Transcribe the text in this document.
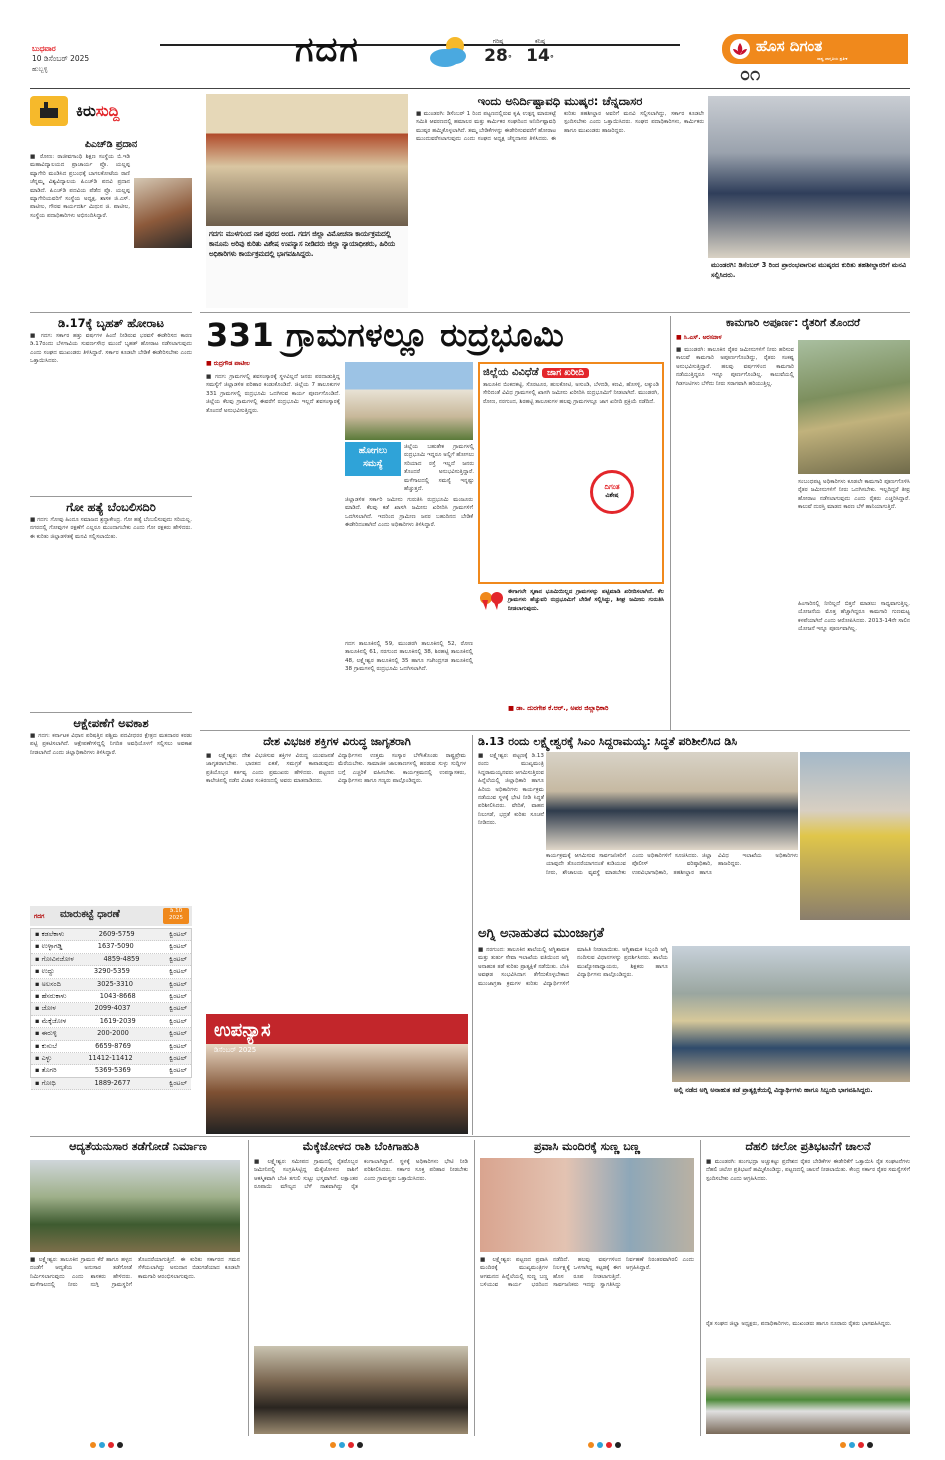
ಬುಧವಾರ
10 ಡಿಸೆಂಬರ್ 2025
ಹುಬ್ಬಳ್ಳಿ	ಗದಗ	ಗರಿಷ್ಠ
28°
ಕನಿಷ್ಠ
14°
ಹೊಸ ದಿಗಂತ
ರಾಷ್ಟ್ರ ಜಾಗೃತಿಯ ಪ್ರತೀಕ
೦೧
ಕಿರುಸುದ್ದಿ
ಪಿಎಚ್‌ಡಿ ಪ್ರದಾನ
■ ರೋಣ: ರಾಜೀವಗಾಂಧಿ ಶಿಕ್ಷಣ ಸಂಸ್ಥೆಯ ಬಿ.ಇಡಿ ಮಹಾವಿದ್ಯಾಲಯದ ಪ್ರಾಚಾರ್ಯ ಪ್ರೊ. ಯಲ್ಲಪ್ಪ ಮ್ಯಾಗೇರಿ ಮಂಡಿಸಿದ ಪ್ರಬಂಧಕ್ಕೆ ಬಾಗಲಕೋಟೆಯ ರಾಣಿ ಚೆನ್ನಮ್ಮ ವಿಶ್ವವಿದ್ಯಾಲಯ ಪಿಎಚ್‌ಡಿ ಪದವಿ ಪ್ರದಾನ ಮಾಡಿದೆ. ಪಿಎಚ್‌ಡಿ ಪದವಿಯ ಪೆಡೆದ ಪ್ರೊ. ಯಲ್ಲಪ್ಪ ಮ್ಯಾಗೇರಿಯವರಿಗೆ ಸಂಸ್ಥೆಯ ಅಧ್ಯಕ್ಷ, ಶಾಸಕ ಜಿ.ಎಸ್. ಪಾಟೀಲ, ಗೌರವ ಕಾರ್ಯದರ್ಶಿ ಮಿಥುನ ಜಿ. ಪಾಟೀಲ, ಸಂಸ್ಥೆಯ ಪದಾಧಿಕಾರಿಗಳು ಅಭಿನಂದಿಸಿದ್ದಾರೆ.
ಡಿ.17ಕ್ಕೆ ಬೃಹತ್ ಹೋರಾಟ
■ ಗದಗ: ಸರ್ಕಾರ ಹತ್ತು ವರ್ಷಗಳ ಹಿಂದೆ ನೀಡಿರುವ ಭರವಸೆ ಈಡೇರಿಸದ ಕಾರಣ ಡಿ.17ರಂದು ಬೆಳಗಾವಿಯ ಸುವರ್ಣಸೌಧ ಮುಂದೆ ಬೃಹತ್ ಹೋರಾಟ ನಡೆಸಲಾಗುವುದು ಎಂದು ಸಂಘದ ಮುಖಂಡರು ತಿಳಿಸಿದ್ದಾರೆ. ಸರ್ಕಾರ ಕೂಡಲೇ ಬೇಡಿಕೆ ಈಡೇರಿಸಬೇಕು ಎಂದು ಒತ್ತಾಯಿಸಿದರು.
ಗೋ ಹತ್ಯೆ ಬೆಂಬಲಿಸದಿರಿ
■ ಗದಗ: ಗೋವು ಹಿಂದೂ ಸಮಾಜದ ಶ್ರದ್ಧಾಕೇಂದ್ರ. ಗೋ ಹತ್ಯೆ ಬೆಂಬಲಿಸುವುದು ಸರಿಯಲ್ಲ. ನಗರದಲ್ಲಿ ಗೋವುಗಳ ರಕ್ಷಣೆಗೆ ಎಲ್ಲರೂ ಮುಂದಾಗಬೇಕು ಎಂದು ಗೋ ರಕ್ಷಕರು ಹೇಳಿದರು. ಈ ಕುರಿತು ಜಿಲ್ಲಾಡಳಿತಕ್ಕೆ ಮನವಿ ಸಲ್ಲಿಸಲಾಯಿತು.
ಆಕ್ಷೇಪಣೆಗೆ ಅವಕಾಶ
■ ಗದಗ: ಕರ್ನಾಟಕ ವಿಧಾನ ಪರಿಷತ್ತಿನ ಪಶ್ಚಿಮ ಪದವೀಧರರ ಕ್ಷೇತ್ರದ ಮತದಾರರ ಕರಡು ಪಟ್ಟಿ ಪ್ರಕಟಿಸಲಾಗಿದೆ. ಆಕ್ಷೇಪಣೆಗಳಿದ್ದಲ್ಲಿ ನಿಗದಿತ ಅವಧಿಯೊಳಗೆ ಸಲ್ಲಿಸಲು ಅವಕಾಶ ನೀಡಲಾಗಿದೆ ಎಂದು ಜಿಲ್ಲಾಧಿಕಾರಿಗಳು ತಿಳಿಸಿದ್ದಾರೆ.
ಗದಗ ಮಾರುಕಟ್ಟೆ ಧಾರಣೆ	ಡಿ.10 2025
▪ ಕಡಲೆಕಾಳು	2609-5759	ಕ್ವಿಂಟಲ್
▪ ಉಳ್ಳಾಗಡ್ಡಿ	1637-5090	ಕ್ವಿಂಟಲ್
▪ ಗೋವಿನಜೋಳ	4859-4859	ಕ್ವಿಂಟಲ್
▪ ಉದ್ದು	3290-5359	ಕ್ವಿಂಟಲ್
▪ ಅಲಸಂದಿ	3025-3310	ಕ್ವಿಂಟಲ್
▪ ಹೆಸರುಕಾಳು	1043-8668	ಕ್ವಿಂಟಲ್
▪ ಜೋಳ	2099-4037	ಕ್ವಿಂಟಲ್
▪ ಮೆಕ್ಕೆಜೋಳ	1619-2039	ಕ್ವಿಂಟಲ್
▪ ಈರುಳ್ಳಿ	200-2000	ಕ್ವಿಂಟಲ್
▪ ಕುಸುಬೆ	6659-8769	ಕ್ವಿಂಟಲ್
▪ ಎಳ್ಳು	11412-11412	ಕ್ವಿಂಟಲ್
▪ ತೊಗರಿ	5369-5369	ಕ್ವಿಂಟಲ್
▪ ಗೋಧಿ	1889-2677	ಕ್ವಿಂಟಲ್
ಗದಗ: ಮುಳಗುಂದ ನಾಕ ಪುರದ ಅಂದ. ಗದಗ ಜಿಲ್ಲಾ ವಿಮೋಚನಾ ಕಾರ್ಯಕ್ರಮದಲ್ಲಿ ಕಾನೂನು ಅರಿವು ಕುರಿತು ವಿಶೇಷ ಉಪನ್ಯಾಸ ನೀಡಿದರು ಜಿಲ್ಲಾ ನ್ಯಾಯಾಧೀಶರು, ಹಿರಿಯ ಅಧಿಕಾರಿಗಳು ಕಾರ್ಯಕ್ರಮದಲ್ಲಿ ಭಾಗವಹಿಸಿದ್ದರು.
ಇಂದು ಅನಿರ್ದಿಷ್ಟಾವಧಿ ಮುಷ್ಕರ: ಚೆನ್ನದಾಸರ
■ ಮುಂಡರಗಿ: ಡಿಸೆಂಬರ್ 1 ರಿಂದ ಪಟ್ಟಣದಲ್ಲಿರುವ ಕೃಷಿ ಉತ್ಪನ್ನ ಮಾರುಕಟ್ಟೆ ಸಮಿತಿ ಆವರಣದಲ್ಲಿ ಹಮಾಲರ ಮತ್ತು ಕಾರ್ಮಿಕರ ಸಂಘದಿಂದ ಅನಿರ್ದಿಷ್ಟಾವಧಿ ಮುಷ್ಕರ ಹಮ್ಮಿಕೊಳ್ಳಲಾಗಿದೆ. ತಮ್ಮ ಬೇಡಿಕೆಗಳನ್ನು ಈಡೇರಿಸುವವರೆಗೆ ಹೋರಾಟ ಮುಂದುವರೆಸಲಾಗುವುದು ಎಂದು ಸಂಘದ ಅಧ್ಯಕ್ಷ ಚೆನ್ನದಾಸರ ತಿಳಿಸಿದರು. ಈ ಕುರಿತು ತಹಶೀಲ್ದಾರ ಅವರಿಗೆ ಮನವಿ ಸಲ್ಲಿಸಲಾಗಿದ್ದು, ಸರ್ಕಾರ ಕೂಡಲೇ ಸ್ಪಂದಿಸಬೇಕು ಎಂದು ಒತ್ತಾಯಿಸಿದರು. ಸಂಘದ ಪದಾಧಿಕಾರಿಗಳು, ಕಾರ್ಮಿಕರು ಹಾಗೂ ಮುಖಂಡರು ಹಾಜರಿದ್ದರು.
ಮುಂಡರಗಿ: ಡಿಸೆಂಬರ್ 3 ರಿಂದ ಪ್ರಾರಂಭವಾಗುವ ಮುಷ್ಕರದ ಕುರಿತು ತಹಶೀಲ್ದಾರರಿಗೆ ಮನವಿ ಸಲ್ಲಿಸಿದರು.
331 ಗ್ರಾಮಗಳಲ್ಲೂ ರುದ್ರಭೂಮಿ
■ ರುದ್ರಗೌಡ ಪಾಟೀಲ
■ ಗದಗ: ಗ್ರಾಮಗಳಲ್ಲಿ ಶವಸಂಸ್ಕಾರಕ್ಕೆ ಸ್ಥಳವಿಲ್ಲದೆ ಜನರು ಪರದಾಡುತ್ತಿದ್ದ ಸಮಸ್ಯೆಗೆ ಜಿಲ್ಲಾಡಳಿತ ಪರಿಹಾರ ಕಂಡುಕೊಂಡಿದೆ. ಜಿಲ್ಲೆಯ 7 ತಾಲೂಕುಗಳ 331 ಗ್ರಾಮಗಳಲ್ಲಿ ರುದ್ರಭೂಮಿ ಒದಗಿಸುವ ಕಾರ್ಯ ಪೂರ್ಣಗೊಂಡಿದೆ. ಜಿಲ್ಲೆಯ ಕೆಲವು ಗ್ರಾಮಗಳಲ್ಲಿ ಈವರೆಗೆ ರುದ್ರಭೂಮಿ ಇಲ್ಲದೆ ಶವಸಂಸ್ಕಾರಕ್ಕೆ ತೊಂದರೆ ಅನುಭವಿಸುತ್ತಿದ್ದರು.
ಹೋಗಲು
ಸಮಸ್ಯೆ
ಜಿಲ್ಲೆಯ ಬಹುತೇಕ ಗ್ರಾಮಗಳಲ್ಲಿ ರುದ್ರಭೂಮಿ ಇದ್ದರೂ ಅಲ್ಲಿಗೆ ಹೋಗಲು ಸರಿಯಾದ ರಸ್ತೆ ಇಲ್ಲದೆ ಜನರು ತೊಂದರೆ ಅನುಭವಿಸುತ್ತಿದ್ದಾರೆ. ಮಳೆಗಾಲದಲ್ಲಿ ಸಮಸ್ಯೆ ಇನ್ನಷ್ಟು ಹೆಚ್ಚುತ್ತದೆ.
ಜಿಲ್ಲಾಡಳಿತ ಸರ್ಕಾರಿ ಜಮೀನು ಗುರುತಿಸಿ ರುದ್ರಭೂಮಿ ಮಂಜೂರು ಮಾಡಿದೆ. ಕೆಲವು ಕಡೆ ಖಾಸಗಿ ಜಮೀನು ಖರೀದಿಸಿ ಗ್ರಾಮಗಳಿಗೆ ಒದಗಿಸಲಾಗಿದೆ. ಇದರಿಂದ ಗ್ರಾಮೀಣ ಜನರ ಬಹುದಿನದ ಬೇಡಿಕೆ ಈಡೇರಿದಂತಾಗಿದೆ ಎಂದು ಅಧಿಕಾರಿಗಳು ತಿಳಿಸಿದ್ದಾರೆ.
ಜಿಲ್ಲೆಯ ವಿವಿಧೆಡೆ ಜಾಗ ಖರೀದಿ
ತಾಲೂಕಿನ ಬಿಂಕದಕಟ್ಟಿ, ಸೊರಟೂರ, ಹುಲಕೋಟಿ, ಅಸುಂಡಿ, ಬೆಳದಡಿ, ಕಣವಿ, ಹೊಸಳ್ಳಿ, ಲಕ್ಕುಂಡಿ ಸೇರಿದಂತೆ ವಿವಿಧ ಗ್ರಾಮಗಳಲ್ಲಿ ಖಾಸಗಿ ಜಮೀನು ಖರೀದಿಸಿ ರುದ್ರಭೂಮಿಗೆ ನೀಡಲಾಗಿದೆ. ಮುಂಡರಗಿ, ರೋಣ, ನರಗುಂದ, ಶಿರಹಟ್ಟಿ ತಾಲೂಕುಗಳ ಹಲವು ಗ್ರಾಮಗಳಲ್ಲೂ ಜಾಗ ಖರೀದಿ ಪ್ರಕ್ರಿಯೆ ನಡೆದಿದೆ.
ದಿಗಂತ
ವಿಶೇಷ
ಈಗಾಗಲೇ ಸ್ಮಶಾನ ಭೂಮಿಯಿಲ್ಲದ ಗ್ರಾಮಗಳನ್ನು ಪಟ್ಟಿಮಾಡಿ ಖರೀದಿಸಲಾಗಿದೆ. ಕೆಲ ಗ್ರಾಮಗಳು ಹೆಚ್ಚುವರಿ ರುದ್ರಭೂಮಿಗೆ ಬೇಡಿಕೆ ಸಲ್ಲಿಸಿದ್ದು, ಶೀಘ್ರ ಜಮೀನು ಗುರುತಿಸಿ ನೀಡಲಾಗುವುದು.
■ ಡಾ. ದುರಗೇಶ ಕೆ.ಆರ್., ಅಪರ ಜಿಲ್ಲಾಧಿಕಾರಿ
ಗದಗ ತಾಲೂಕಿನಲ್ಲಿ 59, ಮುಂಡರಗಿ ತಾಲೂಕಿನಲ್ಲಿ 52, ರೋಣ ತಾಲೂಕಿನಲ್ಲಿ 61, ನರಗುಂದ ತಾಲೂಕಿನಲ್ಲಿ 38, ಶಿರಹಟ್ಟಿ ತಾಲೂಕಿನಲ್ಲಿ 48, ಲಕ್ಷ್ಮೇಶ್ವರ ತಾಲೂಕಿನಲ್ಲಿ 35 ಹಾಗೂ ಗಜೇಂದ್ರಗಡ ತಾಲೂಕಿನಲ್ಲಿ 38 ಗ್ರಾಮಗಳಲ್ಲಿ ರುದ್ರಭೂಮಿ ಒದಗಿಸಲಾಗಿದೆ.
ಕಾಮಗಾರಿ ಅಪೂರ್ಣ: ರೈತರಿಗೆ ತೊಂದರೆ
■ ಸಿ.ಎಸ್. ಅರಸನಾಳ
■ ಮುಂಡರಗಿ: ತಾಲೂಕಿನ ರೈತರ ಜಮೀನುಗಳಿಗೆ ನೀರು ಹರಿಸುವ ಕಾಲುವೆ ಕಾಮಗಾರಿ ಅಪೂರ್ಣಗೊಂಡಿದ್ದು, ರೈತರು ಸಂಕಷ್ಟ ಅನುಭವಿಸುತ್ತಿದ್ದಾರೆ. ಹಲವು ವರ್ಷಗಳಿಂದ ಕಾಮಗಾರಿ ನಡೆಯುತ್ತಿದ್ದರೂ ಇನ್ನೂ ಪೂರ್ಣಗೊಂಡಿಲ್ಲ. ಕಾಲುವೆಯಲ್ಲಿ ಗಿಡಗಂಟಿಗಳು ಬೆಳೆದು ನೀರು ಸರಾಗವಾಗಿ ಹರಿಯುತ್ತಿಲ್ಲ.
ಸಂಬಂಧಪಟ್ಟ ಅಧಿಕಾರಿಗಳು ಕೂಡಲೇ ಕಾಮಗಾರಿ ಪೂರ್ಣಗೊಳಿಸಿ ರೈತರ ಜಮೀನುಗಳಿಗೆ ನೀರು ಒದಗಿಸಬೇಕು. ಇಲ್ಲದಿದ್ದರೆ ತೀವ್ರ ಹೋರಾಟ ನಡೆಸಲಾಗುವುದು ಎಂದು ರೈತರು ಎಚ್ಚರಿಸಿದ್ದಾರೆ. ಕಾಲುವೆ ದುರಸ್ತಿ ಮಾಡದ ಕಾರಣ ಬೆಳೆ ಹಾನಿಯಾಗುತ್ತಿದೆ.
ಹಿಂಗಾರಿನಲ್ಲಿ ನೀರಿಲ್ಲದೆ ಬಿತ್ತನೆ ಮಾಡಲು ಸಾಧ್ಯವಾಗುತ್ತಿಲ್ಲ. ಯೋಜನೆಯ ಮೊತ್ತ ಹೆಚ್ಚಾಗಿದ್ದರೂ ಕಾಮಗಾರಿ ಗುಣಮಟ್ಟ ಕಳಪೆಯಾಗಿದೆ ಎಂದು ಆರೋಪಿಸಿದರು. 2013-14ನೇ ಸಾಲಿನ ಯೋಜನೆ ಇನ್ನೂ ಪೂರ್ಣವಾಗಿಲ್ಲ.
ದೇಶ ವಿಭಜಕ ಶಕ್ತಿಗಳ ವಿರುದ್ಧ ಜಾಗೃತರಾಗಿ
■ ಲಕ್ಷ್ಮೇಶ್ವರ: ದೇಶ ವಿಭಜಿಸುವ ಶಕ್ತಿಗಳ ವಿರುದ್ಧ ಯುವಜನತೆ ಜಾಗೃತರಾಗಬೇಕು. ಭಾರತದ ಏಕತೆ, ಸಮಗ್ರತೆ ಕಾಪಾಡುವುದು ಪ್ರತಿಯೊಬ್ಬರ ಕರ್ತವ್ಯ ಎಂದು ಪ್ರಮುಖರು ಹೇಳಿದರು. ಪಟ್ಟಣದ ಕಾಲೇಜಿನಲ್ಲಿ ನಡೆದ ವಿಚಾರ ಸಂಕಿರಣದಲ್ಲಿ ಅವರು ಮಾತನಾಡಿದರು.
ವಿದ್ಯಾರ್ಥಿಗಳು ಉತ್ತಮ ಸಂಸ್ಕಾರ ಬೆಳೆಸಿಕೊಂಡು ರಾಷ್ಟ್ರಪ್ರೇಮ ಮೆರೆಯಬೇಕು. ಸಾಮಾಜಿಕ ಜಾಲತಾಣಗಳಲ್ಲಿ ಹರಡುವ ಸುಳ್ಳು ಸುದ್ದಿಗಳ ಬಗ್ಗೆ ಎಚ್ಚರಿಕೆ ವಹಿಸಬೇಕು. ಕಾರ್ಯಕ್ರಮದಲ್ಲಿ ಉಪನ್ಯಾಸಕರು, ವಿದ್ಯಾರ್ಥಿಗಳು ಹಾಗೂ ಗಣ್ಯರು ಪಾಲ್ಗೊಂಡಿದ್ದರು.
ಉಪನ್ಯಾಸ
ಡಿಸೆಂಬರ್ 2025
ಡಿ.13 ರಂದು ಲಕ್ಷ್ಮೇಶ್ವರಕ್ಕೆ ಸಿಎಂ ಸಿದ್ದರಾಮಯ್ಯ: ಸಿದ್ಧತೆ ಪರಿಶೀಲಿಸಿದ ಡಿಸಿ
■ ಲಕ್ಷ್ಮೇಶ್ವರ: ಪಟ್ಟಣಕ್ಕೆ ಡಿ.13 ರಂದು ಮುಖ್ಯಮಂತ್ರಿ ಸಿದ್ದರಾಮಯ್ಯನವರು ಆಗಮಿಸುತ್ತಿರುವ ಹಿನ್ನೆಲೆಯಲ್ಲಿ ಜಿಲ್ಲಾಧಿಕಾರಿ ಹಾಗೂ ಹಿರಿಯ ಅಧಿಕಾರಿಗಳು ಕಾರ್ಯಕ್ರಮ ನಡೆಯುವ ಸ್ಥಳಕ್ಕೆ ಭೇಟಿ ನೀಡಿ ಸಿದ್ಧತೆ ಪರಿಶೀಲಿಸಿದರು. ವೇದಿಕೆ, ವಾಹನ ನಿಲುಗಡೆ, ಭದ್ರತೆ ಕುರಿತು ಸೂಚನೆ ನೀಡಿದರು.
ಕಾರ್ಯಕ್ರಮಕ್ಕೆ ಆಗಮಿಸುವ ಸಾರ್ವಜನಿಕರಿಗೆ ಯಾವುದೇ ತೊಂದರೆಯಾಗದಂತೆ ಕುಡಿಯುವ ನೀರು, ಶೌಚಾಲಯ ವ್ಯವಸ್ಥೆ ಮಾಡಬೇಕು ಎಂದು ಅಧಿಕಾರಿಗಳಿಗೆ ಸೂಚಿಸಿದರು. ಜಿಲ್ಲಾ ಪೊಲೀಸ್ ವರಿಷ್ಠಾಧಿಕಾರಿ, ಉಪವಿಭಾಗಾಧಿಕಾರಿ, ತಹಶೀಲ್ದಾರ ಹಾಗೂ ವಿವಿಧ ಇಲಾಖೆಯ ಅಧಿಕಾರಿಗಳು ಹಾಜರಿದ್ದರು.
ಅಗ್ನಿ ಅನಾಹುತದ ಮುಂಜಾಗ್ರತೆ
■ ನರಗುಂದ: ತಾಲೂಕಿನ ಶಾಲೆಯಲ್ಲಿ ಅಗ್ನಿಶಾಮಕ ಮತ್ತು ತುರ್ತು ಸೇವಾ ಇಲಾಖೆಯ ವತಿಯಿಂದ ಅಗ್ನಿ ಅನಾಹುತ ತಡೆ ಕುರಿತು ಪ್ರಾತ್ಯಕ್ಷಿಕೆ ನಡೆಯಿತು. ಬೆಂಕಿ ಅವಘಡ ಸಂಭವಿಸಿದಾಗ ತೆಗೆದುಕೊಳ್ಳಬೇಕಾದ ಮುಂಜಾಗ್ರತಾ ಕ್ರಮಗಳ ಕುರಿತು ವಿದ್ಯಾರ್ಥಿಗಳಿಗೆ ಮಾಹಿತಿ ನೀಡಲಾಯಿತು. ಅಗ್ನಿಶಾಮಕ ಸಿಬ್ಬಂದಿ ಅಗ್ನಿ ನಂದಿಸುವ ವಿಧಾನಗಳನ್ನು ಪ್ರದರ್ಶಿಸಿದರು. ಶಾಲೆಯ ಮುಖ್ಯೋಪಾಧ್ಯಾಯರು, ಶಿಕ್ಷಕರು ಹಾಗೂ ವಿದ್ಯಾರ್ಥಿಗಳು ಪಾಲ್ಗೊಂಡಿದ್ದರು.
ಅಲ್ಲಿ ನಡೆದ ಅಗ್ನಿ ಅನಾಹುತ ತಡೆ ಪ್ರಾತ್ಯಕ್ಷಿಕೆಯಲ್ಲಿ ವಿದ್ಯಾರ್ಥಿಗಳು ಹಾಗೂ ಸಿಬ್ಬಂದಿ ಭಾಗವಹಿಸಿದ್ದರು.
ಆದ್ಯತೆಯನುಸಾರ ತಡೆಗೋಡೆ ನಿರ್ಮಾಣ
■ ಲಕ್ಷ್ಮೇಶ್ವರ: ತಾಲೂಕಿನ ಗ್ರಾಮದ ಕೆರೆ ಹಾಗೂ ಹಳ್ಳದ ದಂಡೆಗೆ ಆದ್ಯತೆಯ ಅನುಸಾರ ತಡೆಗೋಡೆ ನಿರ್ಮಿಸಲಾಗುವುದು ಎಂದು ಶಾಸಕರು ಹೇಳಿದರು. ಮಳೆಗಾಲದಲ್ಲಿ ನೀರು ನುಗ್ಗಿ ಗ್ರಾಮಸ್ಥರಿಗೆ ತೊಂದರೆಯಾಗುತ್ತಿದೆ. ಈ ಕುರಿತು ಸರ್ಕಾರದ ಗಮನ ಸೆಳೆಯಲಾಗಿದ್ದು ಅನುದಾನ ಬಿಡುಗಡೆಯಾದ ಕೂಡಲೇ ಕಾಮಗಾರಿ ಆರಂಭಿಸಲಾಗುವುದು.
ಮೆಕ್ಕೆಜೋಳದ ರಾಶಿ ಬೆಂಕಿಗಾಹುತಿ
■ ಲಕ್ಷ್ಮೇಶ್ವರ: ಸಮೀಪದ ಗ್ರಾಮದಲ್ಲಿ ರೈತರೊಬ್ಬರ ಜಮೀನಿನಲ್ಲಿ ಸಂಗ್ರಹಿಸಿಟ್ಟಿದ್ದ ಮೆಕ್ಕೆಜೋಳದ ರಾಶಿಗೆ ಆಕಸ್ಮಿಕವಾಗಿ ಬೆಂಕಿ ತಗುಲಿ ಸುಟ್ಟು ಭಸ್ಮವಾಗಿದೆ. ಲಕ್ಷಾಂತರ ರೂಪಾಯಿ ಮೌಲ್ಯದ ಬೆಳೆ ನಾಶವಾಗಿದ್ದು ರೈತ ಕಂಗಾಲಾಗಿದ್ದಾನೆ. ಸ್ಥಳಕ್ಕೆ ಅಧಿಕಾರಿಗಳು ಭೇಟಿ ನೀಡಿ ಪರಿಶೀಲಿಸಿದರು. ಸರ್ಕಾರ ಸೂಕ್ತ ಪರಿಹಾರ ನೀಡಬೇಕು ಎಂದು ಗ್ರಾಮಸ್ಥರು ಒತ್ತಾಯಿಸಿದರು.
ಪ್ರವಾಸಿ ಮಂದಿರಕ್ಕೆ ಸುಣ್ಣ ಬಣ್ಣ
■ ಲಕ್ಷ್ಮೇಶ್ವರ: ಪಟ್ಟಣದ ಪ್ರವಾಸಿ ಮಂದಿರಕ್ಕೆ ಮುಖ್ಯಮಂತ್ರಿಗಳ ಆಗಮನದ ಹಿನ್ನೆಲೆಯಲ್ಲಿ ಸುಣ್ಣ ಬಣ್ಣ ಬಳಿಯುವ ಕಾರ್ಯ ಭರದಿಂದ ನಡೆದಿದೆ. ಹಲವು ವರ್ಷಗಳಿಂದ ನಿರ್ಲಕ್ಷ್ಯಕ್ಕೆ ಒಳಗಾಗಿದ್ದ ಕಟ್ಟಡಕ್ಕೆ ಈಗ ಹೊಸ ರೂಪ ನೀಡಲಾಗುತ್ತಿದೆ. ಸಾರ್ವಜನಿಕರು ಇದನ್ನು ಸ್ವಾಗತಿಸಿದ್ದು ನಿರ್ವಹಣೆ ನಿರಂತರವಾಗಿರಲಿ ಎಂದು ಆಗ್ರಹಿಸಿದ್ದಾರೆ.
ದೆಹಲಿ ಚಲೋ ಪ್ರತಿಭಟನೆಗೆ ಚಾಲನೆ
■ ಮುಂಡರಗಿ: ತುಂಗಭದ್ರಾ ಅಚ್ಚುಕಟ್ಟು ಪ್ರದೇಶದ ರೈತರ ಬೇಡಿಕೆಗಳ ಈಡೇರಿಕೆಗೆ ಒತ್ತಾಯಿಸಿ ರೈತ ಸಂಘಟನೆಗಳು ದೆಹಲಿ ಚಲೋ ಪ್ರತಿಭಟನೆ ಹಮ್ಮಿಕೊಂಡಿದ್ದು, ಪಟ್ಟಣದಲ್ಲಿ ಚಾಲನೆ ನೀಡಲಾಯಿತು. ಕೇಂದ್ರ ಸರ್ಕಾರ ರೈತರ ಸಮಸ್ಯೆಗಳಿಗೆ ಸ್ಪಂದಿಸಬೇಕು ಎಂದು ಆಗ್ರಹಿಸಿದರು.
ರೈತ ಸಂಘದ ಜಿಲ್ಲಾ ಅಧ್ಯಕ್ಷರು, ಪದಾಧಿಕಾರಿಗಳು, ಮುಖಂಡರು ಹಾಗೂ ನೂರಾರು ರೈತರು ಭಾಗವಹಿಸಿದ್ದರು.
